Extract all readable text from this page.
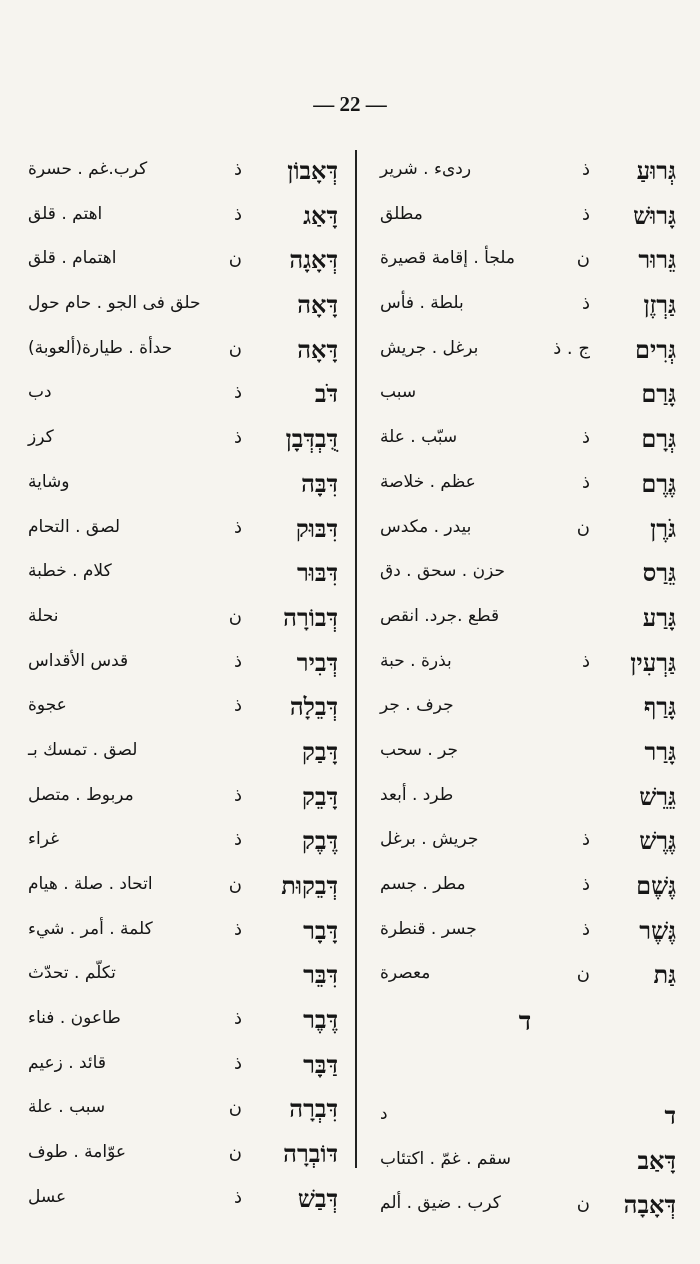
— 22 —
דְּאָבוֹן
ذ
كرب.غم . حسرة
דָּאַג
ذ
اهتم . قلق
דְּאָגָה
ن
اهتمام . قلق
דָּאָה
حلق فى الجو . حام حول
דָּאָה
ن
حدأة . طيارة(ألعوبة)
דֹּב
ذ
دب
דֻּבְדְּבָן
ذ
كرز
דִּבָּה
وشاية
דִּבּוּק
ذ
لصق . التحام
דִּבּוּר
كلام . خطبة
דְּבוֹרָה
ن
نحلة
דְּבִיר
ذ
قدس الأقداس
דְּבֵלָה
ذ
عجوة
דָּבַק
لصق . تمسك بـ
דָּבֵק
ذ
مربوط . متصل
דֶּבֶק
ذ
غراء
דְּבֵקוּת
ن
اتحاد . صلة . هيام
דָּבָר
ذ
كلمة . أمر . شيء
דִּבֵּר
تكلّم . تحدّث
דֶּבֶר
ذ
طاعون . فناء
דַּבָּר
ذ
قائد . زعيم
דִּבְרָה
ن
سبب . علة
דּוֹבְרָה
ن
عوّامة . طوف
דְּבַשׁ
ذ
عسل
גְּרוּעַ
ذ
ردىء . شرير
גָּרוּשׁ
ذ
مطلق
גֵּרוּר
ن
ملجأ . إقامة قصيرة
גַּרְזֶן
ذ
بلطة . فأس
גְּרִים
ج . ذ
برغل . جريش
גָּרַם
سبب
גְּרָם
ذ
سبّب . علة
גֶּרֶם
ذ
عظم . خلاصة
גֹּרֶן
ن
بيدر . مكدس
גֵּרַס
حزن . سحق . دق
גָּרַע
قطع .جرد. انقص
גַּרְעִין
ذ
بذرة . حبة
גָּרַף
جرف . جر
גָּרַר
جر . سحب
גֵּרֵשׁ
طرد . أبعد
גֶּרֶשׁ
ذ
جريش . برغل
גֶּשֶׁם
ذ
مطر . جسم
גֶּשֶׁר
ذ
جسر . قنطرة
גַּת
ن
معصرة
ד
ד
د
דָּאַב
سقم . غمّ . اكتئاب
דְּאָבָה
ن
كرب . ضيق . ألم
